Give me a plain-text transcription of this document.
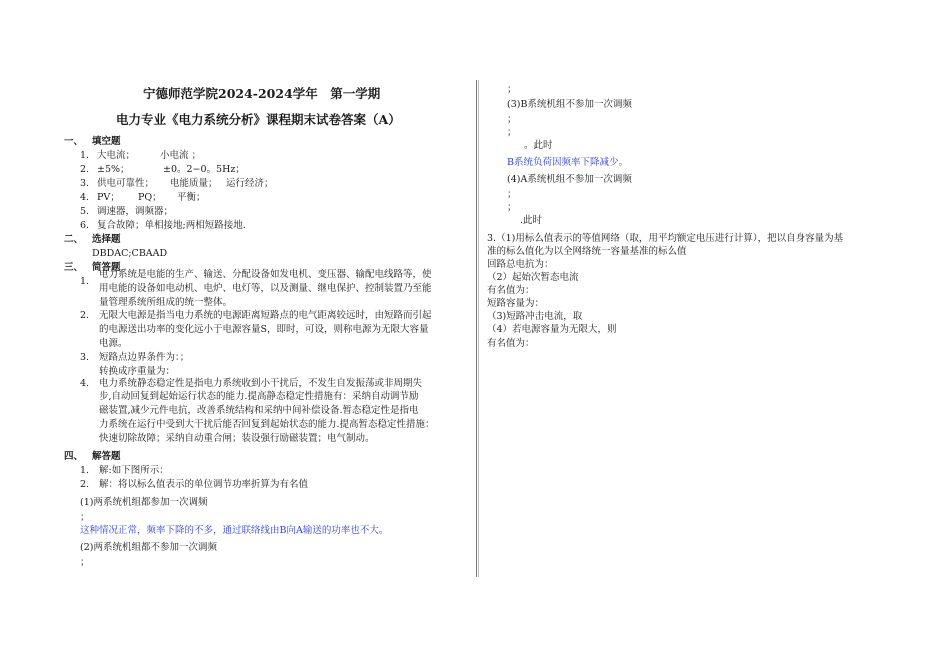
宁德师范学院2024-2024学年　第一学期
电力专业《电力系统分析》课程期末试卷答案（A）
一、 填空题
1. 大电流；	小电流 ；
2. ±5%；	±0。2−0。5Hz；
3. 供电可靠性； 电能质量； 运行经济；
4. PV； PQ； 平衡；
5. 调速器，调频器；
6. 复合故障；单相接地;两相短路接地.
二、 选择题
DBDAC;CBAAD
三、 简答题
1.
电力系统是电能的生产、输送、分配设备如发电机、变压器、输配电线路等，使
用电能的设备如电动机、电炉、电灯等，以及测量、继电保护、控制装置乃至能
量管理系统所组成的统一整体。
2. 无限大电源是指当电力系统的电源距离短路点的电气距离较远时，由短路而引起
的电源送出功率的变化远小于电源容量S，即时，可设，则称电源为无限大容量
电源。
3. 短路点边界条件为：；
转换成序重量为：
4. 电力系统静态稳定性是指电力系统收到小干扰后，不发生自发振荡或非周期失
步,自动回复到起始运行状态的能力.提高静态稳定性措施有：采纳自动调节励
磁装置,减少元件电抗，改善系统结构和采纳中间补偿设备.暂态稳定性是指电
力系统在运行中受到大干扰后能否回复到起始状态的能力.提高暂态稳定性措施：
快速切除故障；采纳自动重合闸；装设强行励磁装置；电气制动。
四、 解答题
1. 解:如下图所示：
2. 解：将以标么值表示的单位调节功率折算为有名值
(1)两系统机组都参加一次调频
；
这种情况正常，频率下降的不多，通过联络线由B向A输送的功率也不大。
(2)两系统机组都不参加一次调频
；
；
(3)B系统机组不参加一次调频
；
；
。此时
B系统负荷因频率下降减少。
(4)A系统机组不参加一次调频
；
；
.此时
3.（1)用标么值表示的等值网络（取，用平均额定电压进行计算），把以自身容量为基
准的标么值化为以全网络统一容量基准的标么值
回路总电抗为：
（2）起始次暂态电流
有名值为：
短路容量为：
（3)短路冲击电流，取
（4）若电源容量为无限大，则
有名值为：
